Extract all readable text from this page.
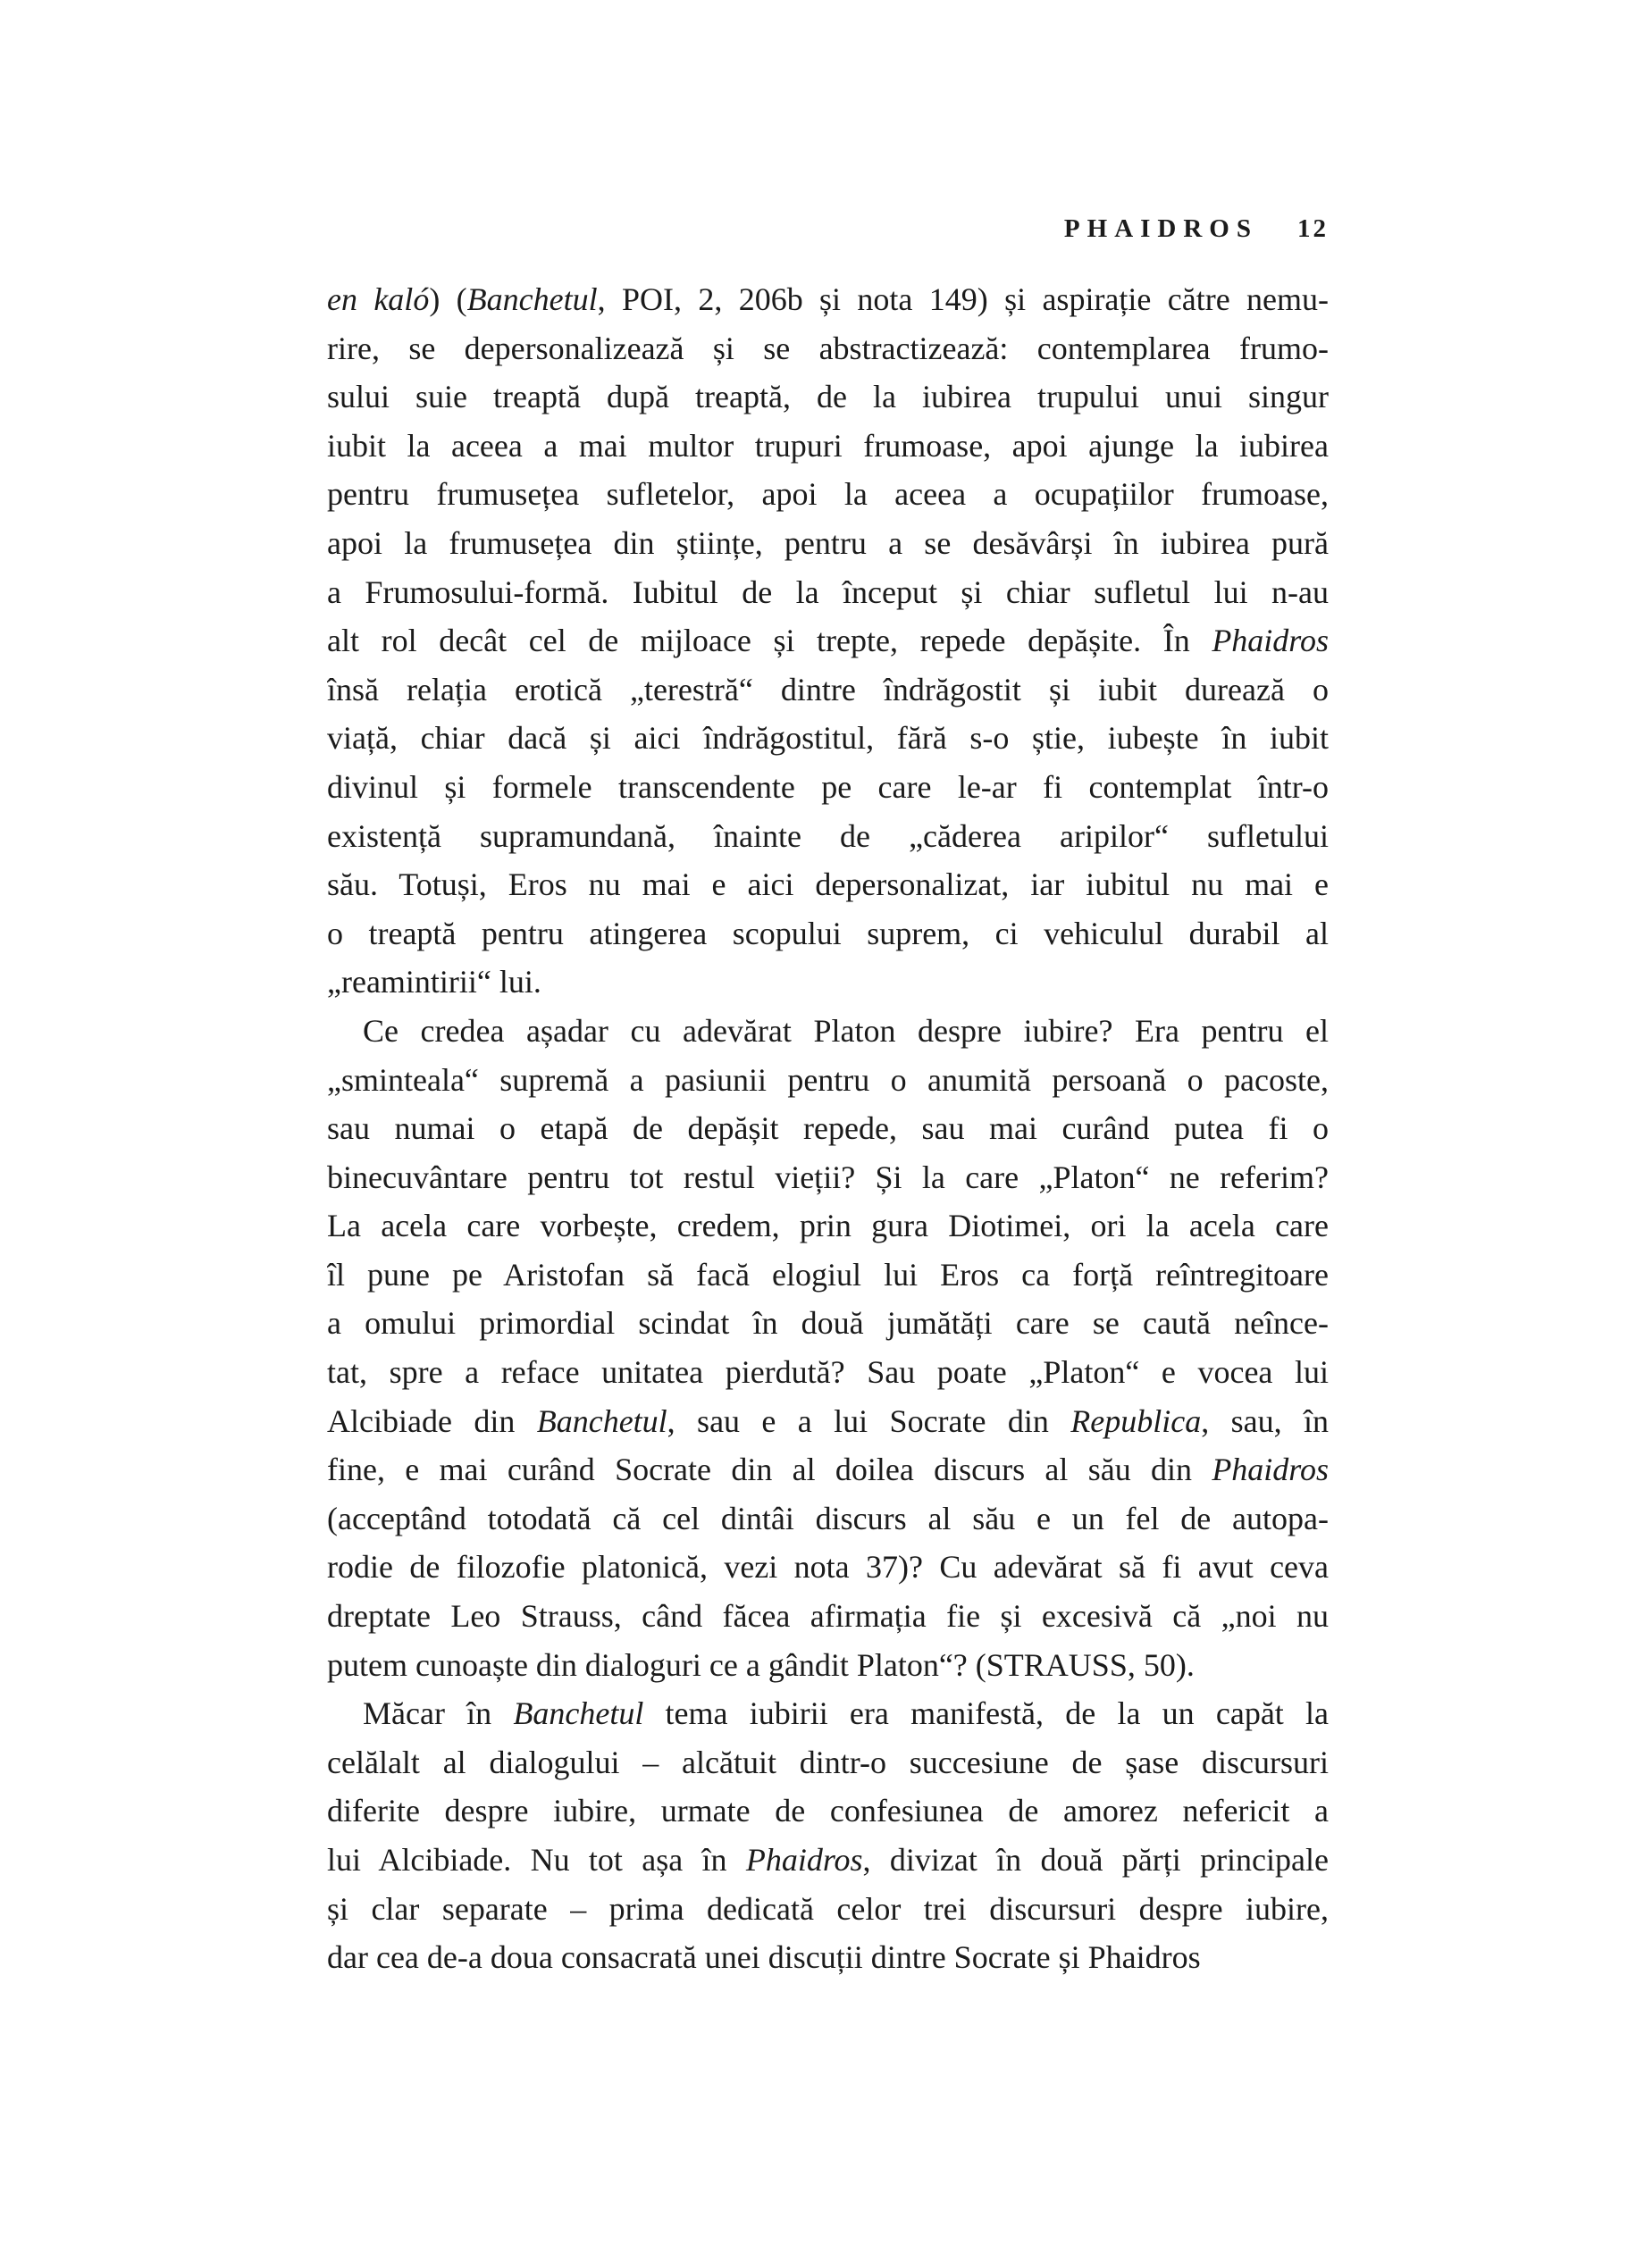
PHAIDROS 12
en kaló) (Banchetul, POI, 2, 206b și nota 149) și aspirație către nemu-
rire, se depersonalizează și se abstractizează: contemplarea frumo-
sului suie treaptă după treaptă, de la iubirea trupului unui singur
iubit la aceea a mai multor trupuri frumoase, apoi ajunge la iubirea
pentru frumusețea sufletelor, apoi la aceea a ocupațiilor frumoase,
apoi la frumusețea din științe, pentru a se desăvârși în iubirea pură
a Frumosului-formă. Iubitul de la început și chiar sufletul lui n-au
alt rol decât cel de mijloace și trepte, repede depășite. În Phaidros
însă relația erotică „terestră“ dintre îndrăgostit și iubit durează o
viață, chiar dacă și aici îndrăgostitul, fără s-o știe, iubește în iubit
divinul și formele transcendente pe care le-ar fi contemplat într-o
existență supramundană, înainte de „căderea aripilor“ sufletului
său. Totuși, Eros nu mai e aici depersonalizat, iar iubitul nu mai e
o treaptă pentru atingerea scopului suprem, ci vehiculul durabil al
„reamintirii“ lui.
Ce credea așadar cu adevărat Platon despre iubire? Era pentru el
„sminteala“ supremă a pasiunii pentru o anumită persoană o pacoste,
sau numai o etapă de depășit repede, sau mai curând putea fi o
binecuvântare pentru tot restul vieții? Și la care „Platon“ ne referim?
La acela care vorbește, credem, prin gura Diotimei, ori la acela care
îl pune pe Aristofan să facă elogiul lui Eros ca forță reîntregitoare
a omului primordial scindat în două jumătăți care se caută neînce-
tat, spre a reface unitatea pierdută? Sau poate „Platon“ e vocea lui
Alcibiade din Banchetul, sau e a lui Socrate din Republica, sau, în
fine, e mai curând Socrate din al doilea discurs al său din Phaidros
(acceptând totodată că cel dintâi discurs al său e un fel de autopa-
rodie de filozofie platonică, vezi nota 37)? Cu adevărat să fi avut ceva
dreptate Leo Strauss, când făcea afirmația fie și excesivă că „noi nu
putem cunoaște din dialoguri ce a gândit Platon“? (STRAUSS, 50).
Măcar în Banchetul tema iubirii era manifestă, de la un capăt la
celălalt al dialogului – alcătuit dintr-o succesiune de șase discursuri
diferite despre iubire, urmate de confesiunea de amorez nefericit a
lui Alcibiade. Nu tot așa în Phaidros, divizat în două părți principale
și clar separate – prima dedicată celor trei discursuri despre iubire,
dar cea de-a doua consacrată unei discuții dintre Socrate și Phaidros
